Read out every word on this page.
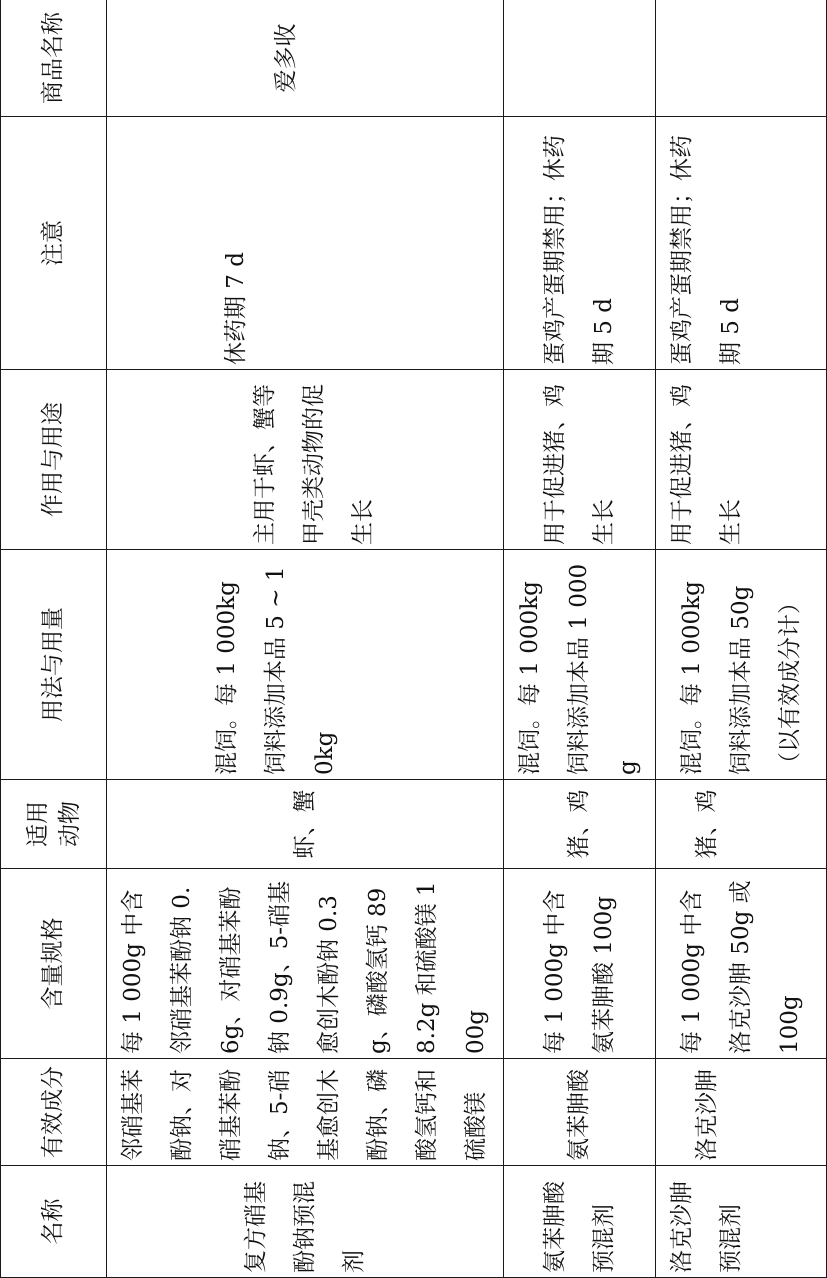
名称	有效成分	含量规格	适用动物	用法与用量	作用与用途	注意	商品名称
复方硝基酚钠预混剂	邻硝基苯酚钠、对硝基苯酚钠、5-硝基愈创木酚钠、磷酸氢钙和硫酸镁	每 1 000g 中含邻硝基苯酚钠 0.6g、对硝基苯酚钠 0.9g、5-硝基愈创木酚钠 0.3g、磷酸氢钙 898.2g 和硫酸镁 100g	虾、蟹	混饲。每 1 000kg 饲料添加本品 5 ~ 10kg	主用于虾、蟹等甲壳类动物的促生长	休药期 7 d	爱多收
氨苯胂酸预混剂	氨苯胂酸	每 1 000g 中含氨苯胂酸 100g	猪、鸡	混饲。每 1 000kg 饲料添加本品 1 000g	用于促进猪、鸡生长	蛋鸡产蛋期禁用；休药期 5 d	
洛克沙胂预混剂	洛克沙胂	每 1 000g 中含洛克沙胂 50g 或 100g	猪、鸡	混饲。每 1 000kg 饲料添加本品 50g（以有效成分计）	用于促进猪、鸡生长	蛋鸡产蛋期禁用；休药期 5 d	
